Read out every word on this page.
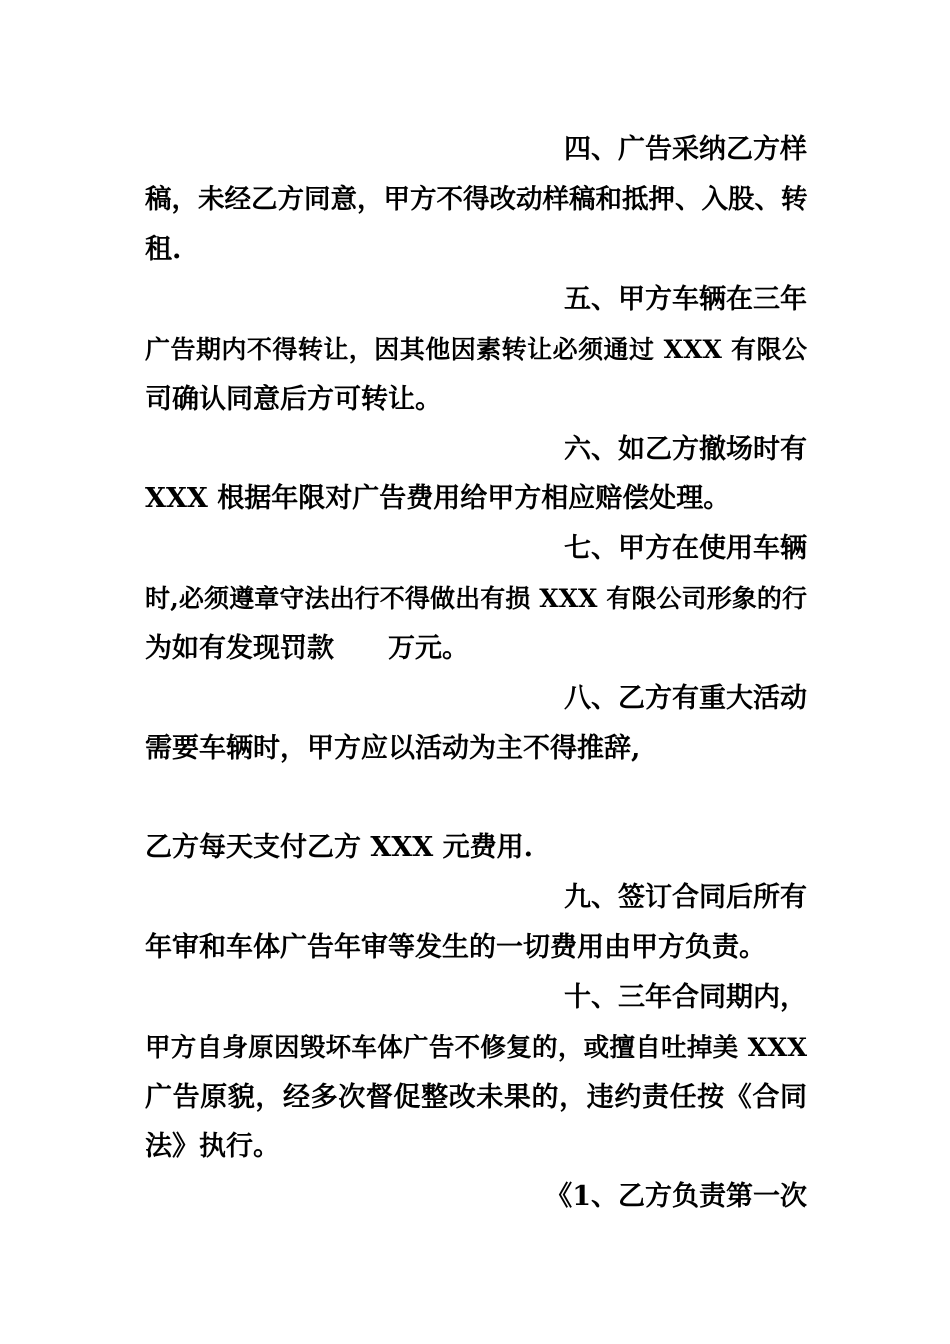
四、广告采纳乙方样
稿，未经乙方同意，甲方不得改动样稿和抵押、入股、转
租.
五、甲方车辆在三年
广告期内不得转让，因其他因素转让必须通过 XXX 有限公
司确认同意后方可转让。
六、如乙方撤场时有
XXX 根据年限对广告费用给甲方相应赔偿处理。
七、甲方在使用车辆
时,必须遵章守法出行不得做出有损 XXX 有限公司形象的行
为如有发现罚款　　万元。
八、乙方有重大活动
需要车辆时，甲方应以活动为主不得推辞,
乙方每天支付乙方 XXX 元费用.
九、签订合同后所有
年审和车体广告年审等发生的一切费用由甲方负责。
十、三年合同期内，
甲方自身原因毁坏车体广告不修复的，或擅自吐掉美 XXX
广告原貌，经多次督促整改未果的，违约责任按《合同
法》执行。
《1、乙方负责第一次
